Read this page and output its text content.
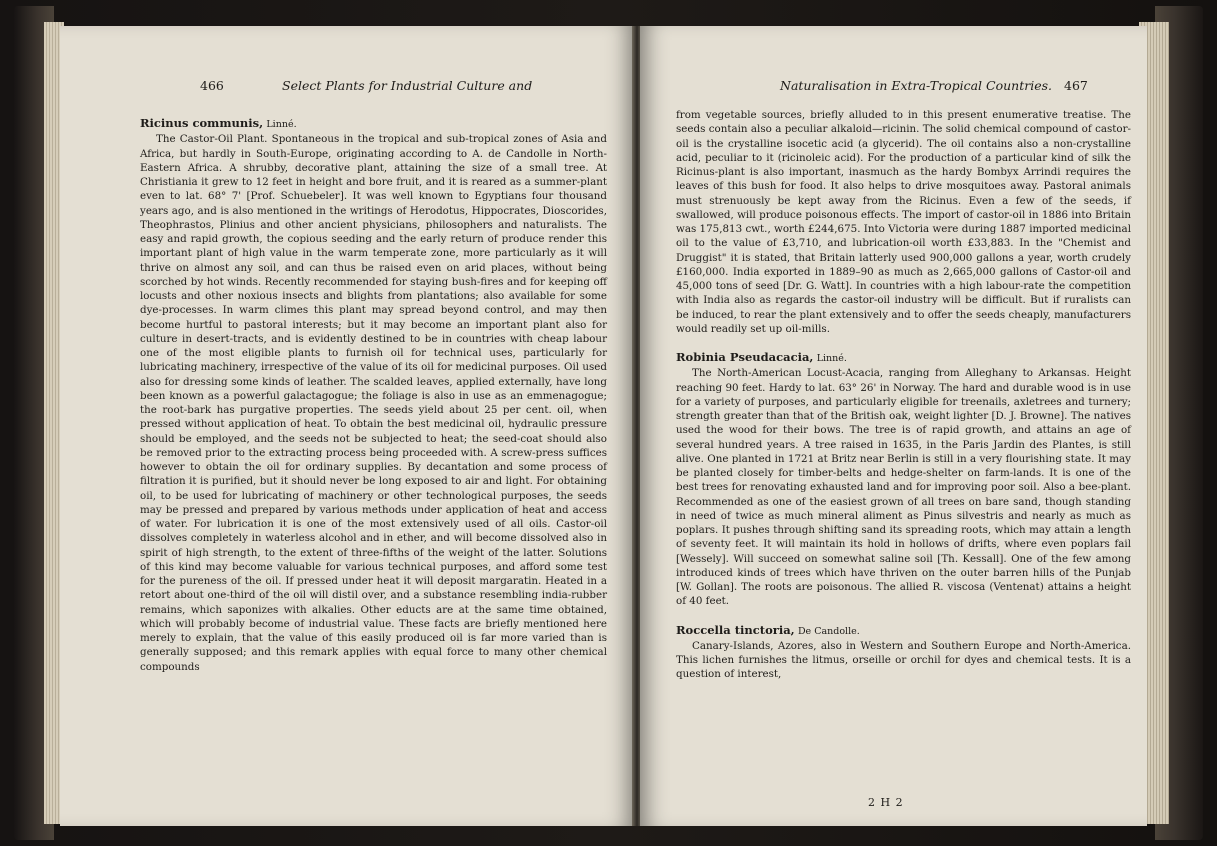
466	Select Plants for Industrial Culture and
Ricinus communis, Linné.

The Castor-Oil Plant. Spontaneous in the tropical and sub-tropical zones of Asia and Africa, but hardly in South-Europe, originating according to A. de Candolle in North-Eastern Africa. A shrubby, decorative plant, attaining the size of a small tree. At Christiania it grew to 12 feet in height and bore fruit, and it is reared as a summer-plant even to lat. 68° 7' [Prof. Schuebeler]. It was well known to Egyptians four thousand years ago, and is also mentioned in the writings of Herodotus, Hippocrates, Dioscorides, Theophrastos, Plinius and other ancient physicians, philosophers and naturalists. The easy and rapid growth, the copious seeding and the early return of produce render this important plant of high value in the warm temperate zone, more particularly as it will thrive on almost any soil, and can thus be raised even on arid places, without being scorched by hot winds. Recently recommended for staying bush-fires and for keeping off locusts and other noxious insects and blights from plantations; also available for some dye-processes. In warm climes this plant may spread beyond control, and may then become hurtful to pastoral interests; but it may become an important plant also for culture in desert-tracts, and is evidently destined to be in countries with cheap labour one of the most eligible plants to furnish oil for technical uses, particularly for lubricating machinery, irrespective of the value of its oil for medicinal purposes. Oil used also for dressing some kinds of leather. The scalded leaves, applied externally, have long been known as a powerful galactagogue; the foliage is also in use as an emmenagogue; the root-bark has purgative properties. The seeds yield about 25 per cent. oil, when pressed without application of heat. To obtain the best medicinal oil, hydraulic pressure should be employed, and the seeds not be subjected to heat; the seed-coat should also be removed prior to the extracting process being proceeded with. A screw-press suffices however to obtain the oil for ordinary supplies. By decantation and some process of filtration it is purified, but it should never be long exposed to air and light. For obtaining oil, to be used for lubricating of machinery or other technological purposes, the seeds may be pressed and prepared by various methods under application of heat and access of water. For lubrication it is one of the most extensively used of all oils. Castor-oil dissolves completely in waterless alcohol and in ether, and will become dissolved also in spirit of high strength, to the extent of three-fifths of the weight of the latter. Solutions of this kind may become valuable for various technical purposes, and afford some test for the pureness of the oil. If pressed under heat it will deposit margaratin. Heated in a retort about one-third of the oil will distil over, and a substance resembling india-rubber remains, which saponizes with alkalies. Other educts are at the same time obtained, which will probably become of industrial value. These facts are briefly mentioned here merely to explain, that the value of this easily produced oil is far more varied than is generally supposed; and this remark applies with equal force to many other chemical compounds

Naturalisation in Extra-Tropical Countries. 467

from vegetable sources, briefly alluded to in this present enumerative treatise. The seeds contain also a peculiar alkaloid—ricinin. The solid chemical compound of castor-oil is the crystalline isocetic acid (a glycerid). The oil contains also a non-crystalline acid, peculiar to it (ricinoleic acid). For the production of a particular kind of silk the Ricinus-plant is also important, inasmuch as the hardy Bombyx Arrindi requires the leaves of this bush for food. It also helps to drive mosquitoes away. Pastoral animals must strenuously be kept away from the Ricinus. Even a few of the seeds, if swallowed, will produce poisonous effects. The import of castor-oil in 1886 into Britain was 175,813 cwt., worth £244,675. Into Victoria were during 1887 imported medicinal oil to the value of £3,710, and lubrication-oil worth £33,883. In the "Chemist and Druggist" it is stated, that Britain latterly used 900,000 gallons a year, worth crudely £160,000. India exported in 1889–90 as much as 2,665,000 gallons of Castor-oil and 45,000 tons of seed [Dr. G. Watt]. In countries with a high labour-rate the competition with India also as regards the castor-oil industry will be difficult. But if ruralists can be induced, to rear the plant extensively and to offer the seeds cheaply, manufacturers would readily set up oil-mills.

Robinia Pseudacacia, Linné.

The North-American Locust-Acacia, ranging from Alleghany to Arkansas. Height reaching 90 feet. Hardy to lat. 63° 26' in Norway. The hard and durable wood is in use for a variety of purposes, and particularly eligible for treenails, axletrees and turnery; strength greater than that of the British oak, weight lighter [D. J. Browne]. The natives used the wood for their bows. The tree is of rapid growth, and attains an age of several hundred years. A tree raised in 1635, in the Paris Jardin des Plantes, is still alive. One planted in 1721 at Britz near Berlin is still in a very flourishing state. It may be planted closely for timber-belts and hedge-shelter on farm-lands. It is one of the best trees for renovating exhausted land and for improving poor soil. Also a bee-plant. Recommended as one of the easiest grown of all trees on bare sand, though standing in need of twice as much mineral aliment as Pinus silvestris and nearly as much as poplars. It pushes through shifting sand its spreading roots, which may attain a length of seventy feet. It will maintain its hold in hollows of drifts, where even poplars fail [Wessely]. Will succeed on somewhat saline soil [Th. Kessall]. One of the few among introduced kinds of trees which have thriven on the outer barren hills of the Punjab [W. Gollan]. The roots are poisonous. The allied R. viscosa (Ventenat) attains a height of 40 feet.

Roccella tinctoria, De Candolle.

Canary-Islands, Azores, also in Western and Southern Europe and North-America. This lichen furnishes the litmus, orseille or orchil for dyes and chemical tests. It is a question of interest,

2 H 2
